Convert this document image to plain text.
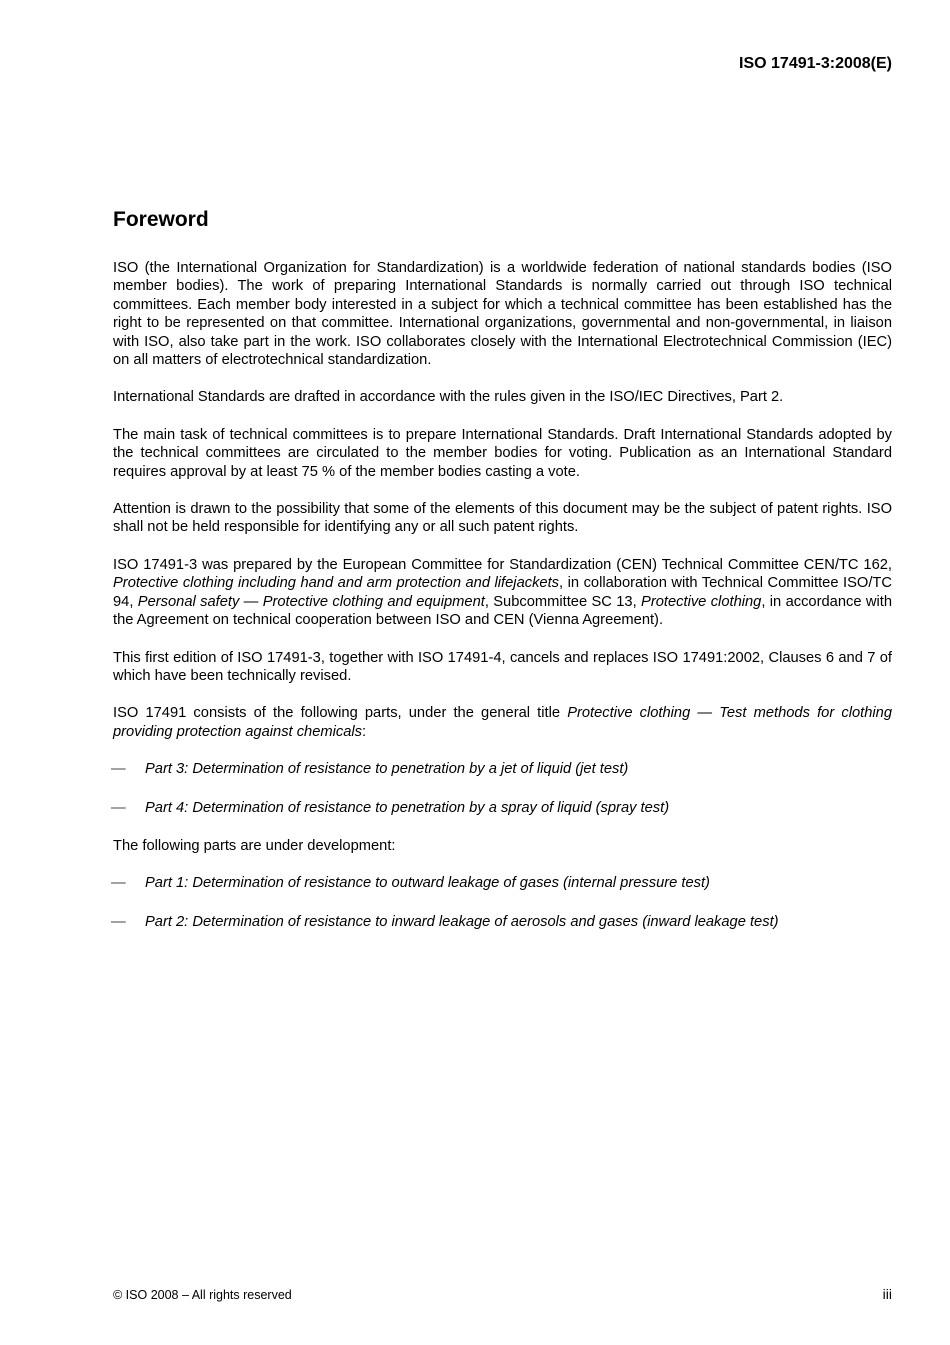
ISO 17491-3:2008(E)
Foreword

ISO (the International Organization for Standardization) is a worldwide federation of national standards bodies (ISO member bodies). The work of preparing International Standards is normally carried out through ISO technical committees. Each member body interested in a subject for which a technical committee has been established has the right to be represented on that committee. International organizations, governmental and non-governmental, in liaison with ISO, also take part in the work. ISO collaborates closely with the International Electrotechnical Commission (IEC) on all matters of electrotechnical standardization.

International Standards are drafted in accordance with the rules given in the ISO/IEC Directives, Part 2.

The main task of technical committees is to prepare International Standards. Draft International Standards adopted by the technical committees are circulated to the member bodies for voting. Publication as an International Standard requires approval by at least 75 % of the member bodies casting a vote.

Attention is drawn to the possibility that some of the elements of this document may be the subject of patent rights. ISO shall not be held responsible for identifying any or all such patent rights.

ISO 17491-3 was prepared by the European Committee for Standardization (CEN) Technical Committee CEN/TC 162, Protective clothing including hand and arm protection and lifejackets, in collaboration with Technical Committee ISO/TC 94, Personal safety — Protective clothing and equipment, Subcommittee SC 13, Protective clothing, in accordance with the Agreement on technical cooperation between ISO and CEN (Vienna Agreement).

This first edition of ISO 17491-3, together with ISO 17491-4, cancels and replaces ISO 17491:2002, Clauses 6 and 7 of which have been technically revised.

ISO 17491 consists of the following parts, under the general title Protective clothing — Test methods for clothing providing protection against chemicals:

—	Part 3: Determination of resistance to penetration by a jet of liquid (jet test)
—	Part 4: Determination of resistance to penetration by a spray of liquid (spray test)

The following parts are under development:

—	Part 1: Determination of resistance to outward leakage of gases (internal pressure test)
—	Part 2: Determination of resistance to inward leakage of aerosols and gases (inward leakage test)
© ISO 2008 – All rights reserved	iii
